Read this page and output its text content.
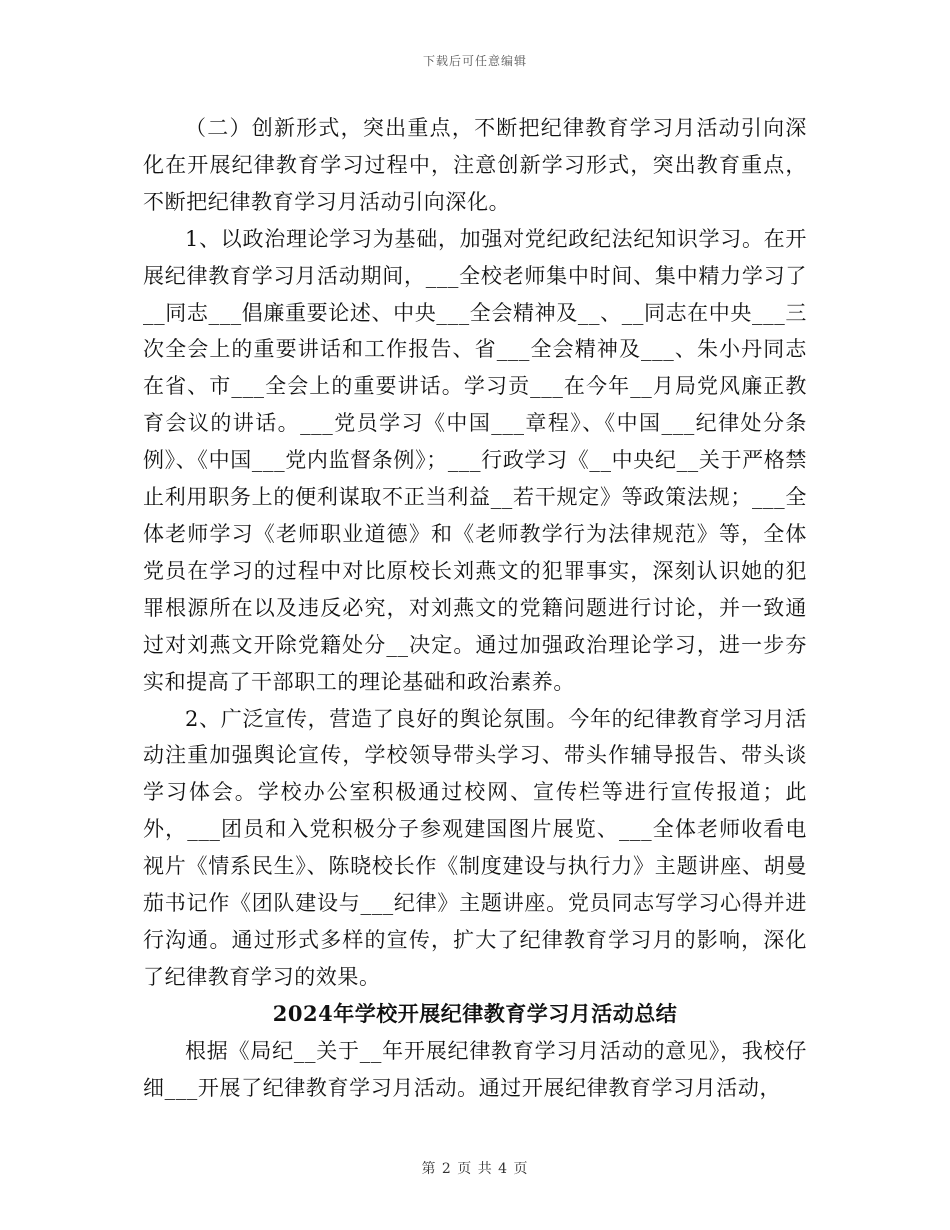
下载后可任意编辑

（二）创新形式，突出重点，不断把纪律教育学习月活动引向深化在开展纪律教育学习过程中，注意创新学习形式，突出教育重点，不断把纪律教育学习月活动引向深化。

1、以政治理论学习为基础，加强对党纪政纪法纪知识学习。在开展纪律教育学习月活动期间，___全校老师集中时间、集中精力学习了__同志___倡廉重要论述、中央___全会精神及__、__同志在中央___三次全会上的重要讲话和工作报告、省___全会精神及___、朱小丹同志在省、市___全会上的重要讲话。学习贡___在今年__月局党风廉正教育会议的讲话。___党员学习《中国___章程》、《中国___纪律处分条例》、《中国___党内监督条例》；___行政学习《__中央纪__关于严格禁止利用职务上的便利谋取不正当利益__若干规定》等政策法规；___全体老师学习《老师职业道德》和《老师教学行为法律规范》等，全体党员在学习的过程中对比原校长刘燕文的犯罪事实，深刻认识她的犯罪根源所在以及违反必究，对刘燕文的党籍问题进行讨论，并一致通过对刘燕文开除党籍处分__决定。通过加强政治理论学习，进一步夯实和提高了干部职工的理论基础和政治素养。

2、广泛宣传，营造了良好的舆论氛围。今年的纪律教育学习月活动注重加强舆论宣传，学校领导带头学习、带头作辅导报告、带头谈学习体会。学校办公室积极通过校网、宣传栏等进行宣传报道；此外，___团员和入党积极分子参观建国图片展览、___全体老师收看电视片《情系民生》、陈晓校长作《制度建设与执行力》主题讲座、胡曼茄书记作《团队建设与___纪律》主题讲座。党员同志写学习心得并进行沟通。通过形式多样的宣传，扩大了纪律教育学习月的影响，深化了纪律教育学习的效果。

2024年学校开展纪律教育学习月活动总结

根据《局纪__关于__年开展纪律教育学习月活动的意见》，我校仔细___开展了纪律教育学习月活动。通过开展纪律教育学习月活动，

第 2 页 共 4 页
